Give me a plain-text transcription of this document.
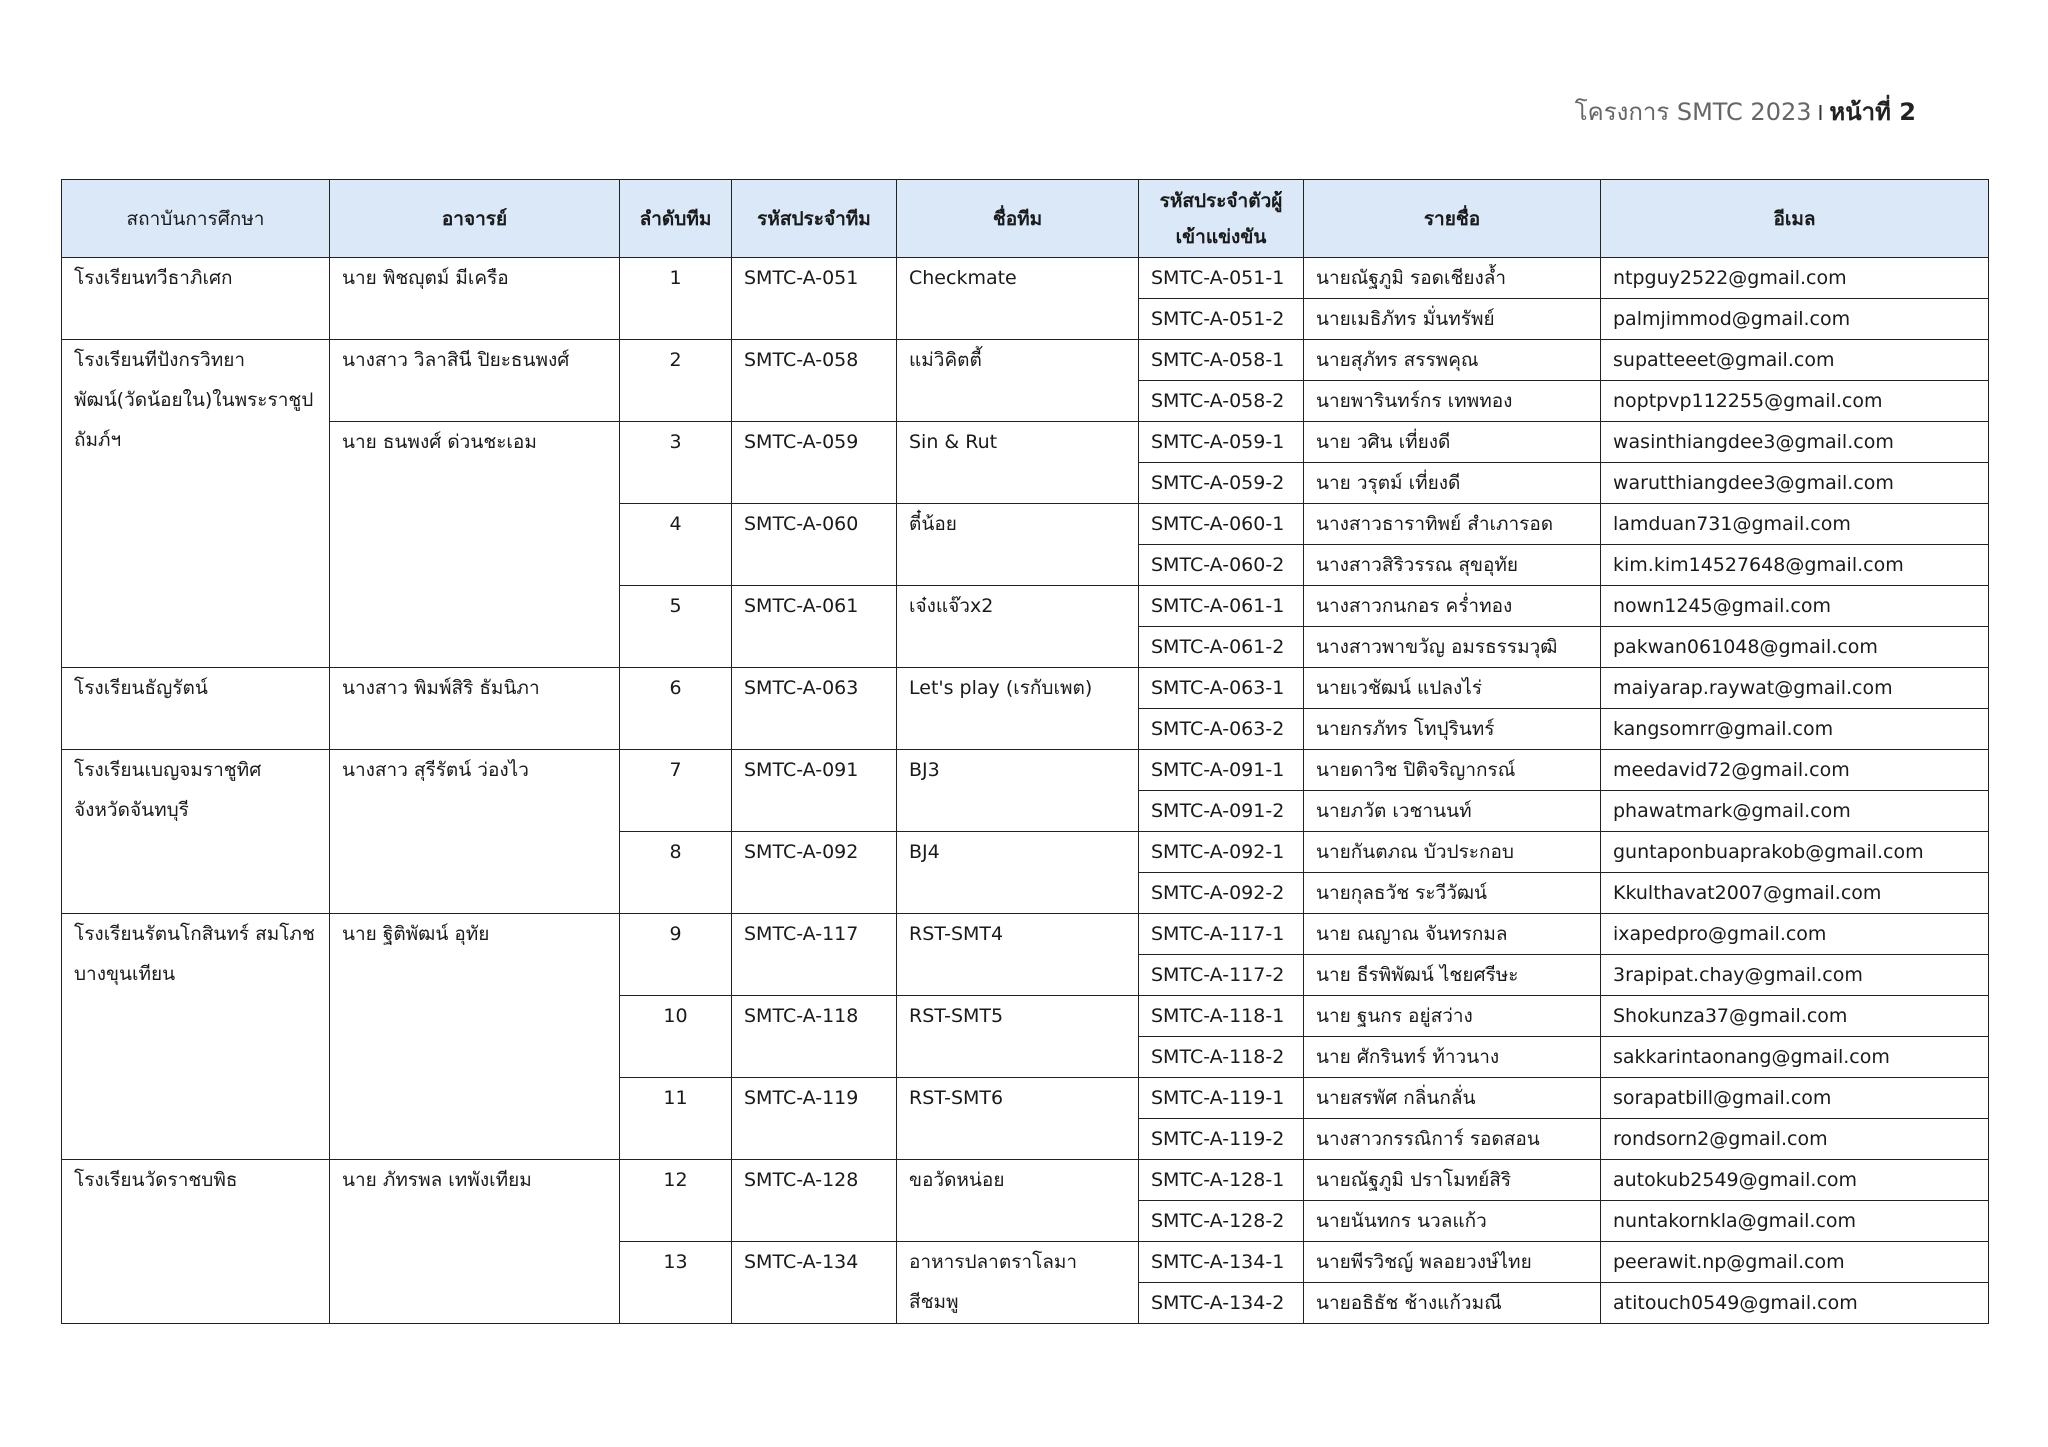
โครงการ SMTC 2023 I หน้าที่ 2
สถาบันการศึกษา	อาจารย์	ลำดับทีม	รหัสประจำทีม	ชื่อทีม	รหัสประจำตัวผู้
เข้าแข่งขัน	รายชื่อ	อีเมล
โรงเรียนทวีธาภิเศก	นาย พิชญุตม์ มีเครือ	1	SMTC-A-051	Checkmate	SMTC-A-051-1	นายณัฐภูมิ รอดเชียงล้ำ	ntpguy2522@gmail.com
					SMTC-A-051-2	นายเมธิภัทร มั่นทรัพย์	palmjimmod@gmail.com
โรงเรียนทีปังกรวิทยาพัฒน์(วัดน้อยใน)ในพระราชูปถัมภ์ฯ	นางสาว วิลาสินี ปิยะธนพงศ์	2	SMTC-A-058	แม่วิคิตตี้	SMTC-A-058-1	นายสุภัทร สรรพคุณ	supatteeet@gmail.com
					SMTC-A-058-2	นายพารินทร์กร เทพทอง	noptpvp112255@gmail.com
	นาย ธนพงศ์ ด่วนชะเอม	3	SMTC-A-059	Sin & Rut	SMTC-A-059-1	นาย วศิน เที่ยงดี	wasinthiangdee3@gmail.com
					SMTC-A-059-2	นาย วรุตม์ เที่ยงดี	warutthiangdee3@gmail.com
		4	SMTC-A-060	ตี๋น้อย	SMTC-A-060-1	นางสาวธาราทิพย์ สำเภารอด	lamduan731@gmail.com
					SMTC-A-060-2	นางสาวสิริวรรณ สุขอุทัย	kim.kim14527648@gmail.com
		5	SMTC-A-061	เจ๋งแจ๊วx2	SMTC-A-061-1	นางสาวกนกอร คร่ำทอง	nown1245@gmail.com
					SMTC-A-061-2	นางสาวพาขวัญ อมรธรรมวุฒิ	pakwan061048@gmail.com
โรงเรียนธัญรัตน์	นางสาว พิมพ์สิริ ธัมนิภา	6	SMTC-A-063	Let's play (เรกับเพต)	SMTC-A-063-1	นายเวชัฒน์ แปลงไร่	maiyarap.raywat@gmail.com
					SMTC-A-063-2	นายกรภัทร โทปุรินทร์	kangsomrr@gmail.com
โรงเรียนเบญจมราชูทิศ จังหวัดจันทบุรี	นางสาว สุรีรัตน์ ว่องไว	7	SMTC-A-091	BJ3	SMTC-A-091-1	นายดาวิช ปิติจริญากรณ์	meedavid72@gmail.com
					SMTC-A-091-2	นายภวัต เวชานนท์	phawatmark@gmail.com
		8	SMTC-A-092	BJ4	SMTC-A-092-1	นายกันตภณ บัวประกอบ	guntaponbuaprakob@gmail.com
					SMTC-A-092-2	นายกุลธวัช ระวีวัฒน์	Kkulthavat2007@gmail.com
โรงเรียนรัตนโกสินทร์ สมโภชบางขุนเทียน	นาย ฐิติพัฒน์ อุทัย	9	SMTC-A-117	RST-SMT4	SMTC-A-117-1	นาย ณญาณ จันทรกมล	ixapedpro@gmail.com
					SMTC-A-117-2	นาย ธีรพิพัฒน์ ไชยศรีษะ	3rapipat.chay@gmail.com
		10	SMTC-A-118	RST-SMT5	SMTC-A-118-1	นาย ฐนกร อยู่สว่าง	Shokunza37@gmail.com
					SMTC-A-118-2	นาย ศักรินทร์ ท้าวนาง	sakkarintaonang@gmail.com
		11	SMTC-A-119	RST-SMT6	SMTC-A-119-1	นายสรพัศ กลิ่นกลั่น	sorapatbill@gmail.com
					SMTC-A-119-2	นางสาวกรรณิการ์ รอดสอน	rondsorn2@gmail.com
โรงเรียนวัดราชบพิธ	นาย ภัทรพล เทพังเทียม	12	SMTC-A-128	ขอวัดหน่อย	SMTC-A-128-1	นายณัฐภูมิ ปราโมทย์สิริ	autokub2549@gmail.com
					SMTC-A-128-2	นายนันทกร นวลแก้ว	nuntakornkla@gmail.com
		13	SMTC-A-134	อาหารปลาตราโลมาสีชมพู	SMTC-A-134-1	นายพีรวิชญ์ พลอยวงษ์ไทย	peerawit.np@gmail.com
					SMTC-A-134-2	นายอธิธัช ช้างแก้วมณี	atitouch0549@gmail.com
